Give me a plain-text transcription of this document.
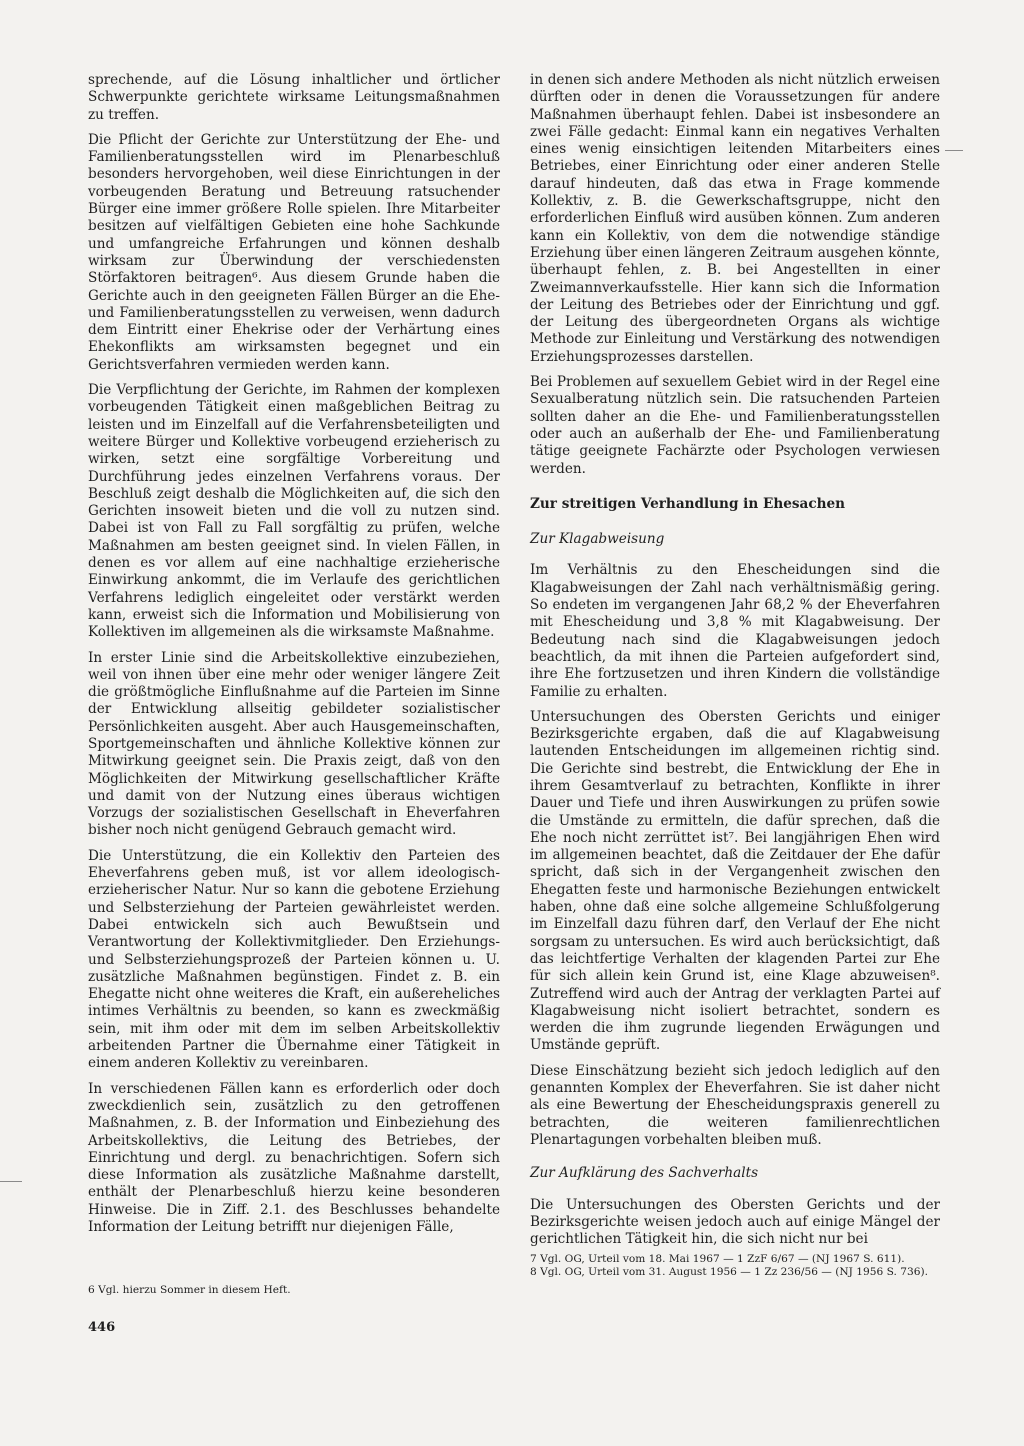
sprechende, auf die Lösung inhaltlicher und örtlicher Schwerpunkte gerichtete wirksame Leitungsmaßnahmen zu treffen.

Die Pflicht der Gerichte zur Unterstützung der Ehe- und Familienberatungsstellen wird im Plenarbeschluß besonders hervorgehoben, weil diese Einrichtungen in der vorbeugenden Beratung und Betreuung ratsuchender Bürger eine immer größere Rolle spielen. Ihre Mitarbeiter besitzen auf vielfältigen Gebieten eine hohe Sachkunde und umfangreiche Erfahrungen und können deshalb wirksam zur Überwindung der verschiedensten Störfaktoren beitragen⁶. Aus diesem Grunde haben die Gerichte auch in den geeigneten Fällen Bürger an die Ehe- und Familienberatungsstellen zu verweisen, wenn dadurch dem Eintritt einer Ehekrise oder der Verhärtung eines Ehekonflikts am wirksamsten begegnet und ein Gerichtsverfahren vermieden werden kann.

Die Verpflichtung der Gerichte, im Rahmen der komplexen vorbeugenden Tätigkeit einen maßgeblichen Beitrag zu leisten und im Einzelfall auf die Verfahrensbeteiligten und weitere Bürger und Kollektive vorbeugend erzieherisch zu wirken, setzt eine sorgfältige Vorbereitung und Durchführung jedes einzelnen Verfahrens voraus. Der Beschluß zeigt deshalb die Möglichkeiten auf, die sich den Gerichten insoweit bieten und die voll zu nutzen sind. Dabei ist von Fall zu Fall sorgfältig zu prüfen, welche Maßnahmen am besten geeignet sind. In vielen Fällen, in denen es vor allem auf eine nachhaltige erzieherische Einwirkung ankommt, die im Verlaufe des gerichtlichen Verfahrens lediglich eingeleitet oder verstärkt werden kann, erweist sich die Information und Mobilisierung von Kollektiven im allgemeinen als die wirksamste Maßnahme.

In erster Linie sind die Arbeitskollektive einzubeziehen, weil von ihnen über eine mehr oder weniger längere Zeit die größtmögliche Einflußnahme auf die Parteien im Sinne der Entwicklung allseitig gebildeter sozialistischer Persönlichkeiten ausgeht. Aber auch Hausgemeinschaften, Sportgemeinschaften und ähnliche Kollektive können zur Mitwirkung geeignet sein. Die Praxis zeigt, daß von den Möglichkeiten der Mitwirkung gesellschaftlicher Kräfte und damit von der Nutzung eines überaus wichtigen Vorzugs der sozialistischen Gesellschaft in Eheverfahren bisher noch nicht genügend Gebrauch gemacht wird.

Die Unterstützung, die ein Kollektiv den Parteien des Eheverfahrens geben muß, ist vor allem ideologisch-erzieherischer Natur. Nur so kann die gebotene Erziehung und Selbsterziehung der Parteien gewährleistet werden. Dabei entwickeln sich auch Bewußtsein und Verantwortung der Kollektivmitglieder. Den Erziehungs- und Selbsterziehungsprozeß der Parteien können u. U. zusätzliche Maßnahmen begünstigen. Findet z. B. ein Ehegatte nicht ohne weiteres die Kraft, ein außereheliches intimes Verhältnis zu beenden, so kann es zweckmäßig sein, mit ihm oder mit dem im selben Arbeitskollektiv arbeitenden Partner die Übernahme einer Tätigkeit in einem anderen Kollektiv zu vereinbaren.

In verschiedenen Fällen kann es erforderlich oder doch zweckdienlich sein, zusätzlich zu den getroffenen Maßnahmen, z. B. der Information und Einbeziehung des Arbeitskollektivs, die Leitung des Betriebes, der Einrichtung und dergl. zu benachrichtigen. Sofern sich diese Information als zusätzliche Maßnahme darstellt, enthält der Plenarbeschluß hierzu keine besonderen Hinweise. Die in Ziff. 2.1. des Beschlusses behandelte Information der Leitung betrifft nur diejenigen Fälle,

in denen sich andere Methoden als nicht nützlich erweisen dürften oder in denen die Voraussetzungen für andere Maßnahmen überhaupt fehlen. Dabei ist insbesondere an zwei Fälle gedacht: Einmal kann ein negatives Verhalten eines wenig einsichtigen leitenden Mitarbeiters eines Betriebes, einer Einrichtung oder einer anderen Stelle darauf hindeuten, daß das etwa in Frage kommende Kollektiv, z. B. die Gewerkschaftsgruppe, nicht den erforderlichen Einfluß wird ausüben können. Zum anderen kann ein Kollektiv, von dem die notwendige ständige Erziehung über einen längeren Zeitraum ausgehen könnte, überhaupt fehlen, z. B. bei Angestellten in einer Zweimannverkaufsstelle. Hier kann sich die Information der Leitung des Betriebes oder der Einrichtung und ggf. der Leitung des übergeordneten Organs als wichtige Methode zur Einleitung und Verstärkung des notwendigen Erziehungsprozesses darstellen.

Bei Problemen auf sexuellem Gebiet wird in der Regel eine Sexualberatung nützlich sein. Die ratsuchenden Parteien sollten daher an die Ehe- und Familienberatungsstellen oder auch an außerhalb der Ehe- und Familienberatung tätige geeignete Fachärzte oder Psychologen verwiesen werden.

Zur streitigen Verhandlung in Ehesachen
Zur Klagabweisung

Im Verhältnis zu den Ehescheidungen sind die Klagabweisungen der Zahl nach verhältnismäßig gering. So endeten im vergangenen Jahr 68,2 % der Eheverfahren mit Ehescheidung und 3,8 % mit Klagabweisung. Der Bedeutung nach sind die Klagabweisungen jedoch beachtlich, da mit ihnen die Parteien aufgefordert sind, ihre Ehe fortzusetzen und ihren Kindern die vollständige Familie zu erhalten.

Untersuchungen des Obersten Gerichts und einiger Bezirksgerichte ergaben, daß die auf Klagabweisung lautenden Entscheidungen im allgemeinen richtig sind. Die Gerichte sind bestrebt, die Entwicklung der Ehe in ihrem Gesamtverlauf zu betrachten, Konflikte in ihrer Dauer und Tiefe und ihren Auswirkungen zu prüfen sowie die Umstände zu ermitteln, die dafür sprechen, daß die Ehe noch nicht zerrüttet ist⁷. Bei langjährigen Ehen wird im allgemeinen beachtet, daß die Zeitdauer der Ehe dafür spricht, daß sich in der Vergangenheit zwischen den Ehegatten feste und harmonische Beziehungen entwickelt haben, ohne daß eine solche allgemeine Schlußfolgerung im Einzelfall dazu führen darf, den Verlauf der Ehe nicht sorgsam zu untersuchen. Es wird auch berücksichtigt, daß das leichtfertige Verhalten der klagenden Partei zur Ehe für sich allein kein Grund ist, eine Klage abzuweisen⁸. Zutreffend wird auch der Antrag der verklagten Partei auf Klagabweisung nicht isoliert betrachtet, sondern es werden die ihm zugrunde liegenden Erwägungen und Umstände geprüft.

Diese Einschätzung bezieht sich jedoch lediglich auf den genannten Komplex der Eheverfahren. Sie ist daher nicht als eine Bewertung der Ehescheidungspraxis generell zu betrachten, die weiteren familienrechtlichen Plenartagungen vorbehalten bleiben muß.

Zur Aufklärung des Sachverhalts

Die Untersuchungen des Obersten Gerichts und der Bezirksgerichte weisen jedoch auch auf einige Mängel der gerichtlichen Tätigkeit hin, die sich nicht nur bei

6 Vgl. hierzu Sommer in diesem Heft.

7 Vgl. OG, Urteil vom 18. Mai 1967 — 1 ZzF 6/67 — (NJ 1967 S. 611).

8 Vgl. OG, Urteil vom 31. August 1956 — 1 Zz 236/56 — (NJ 1956 S. 736).

446
